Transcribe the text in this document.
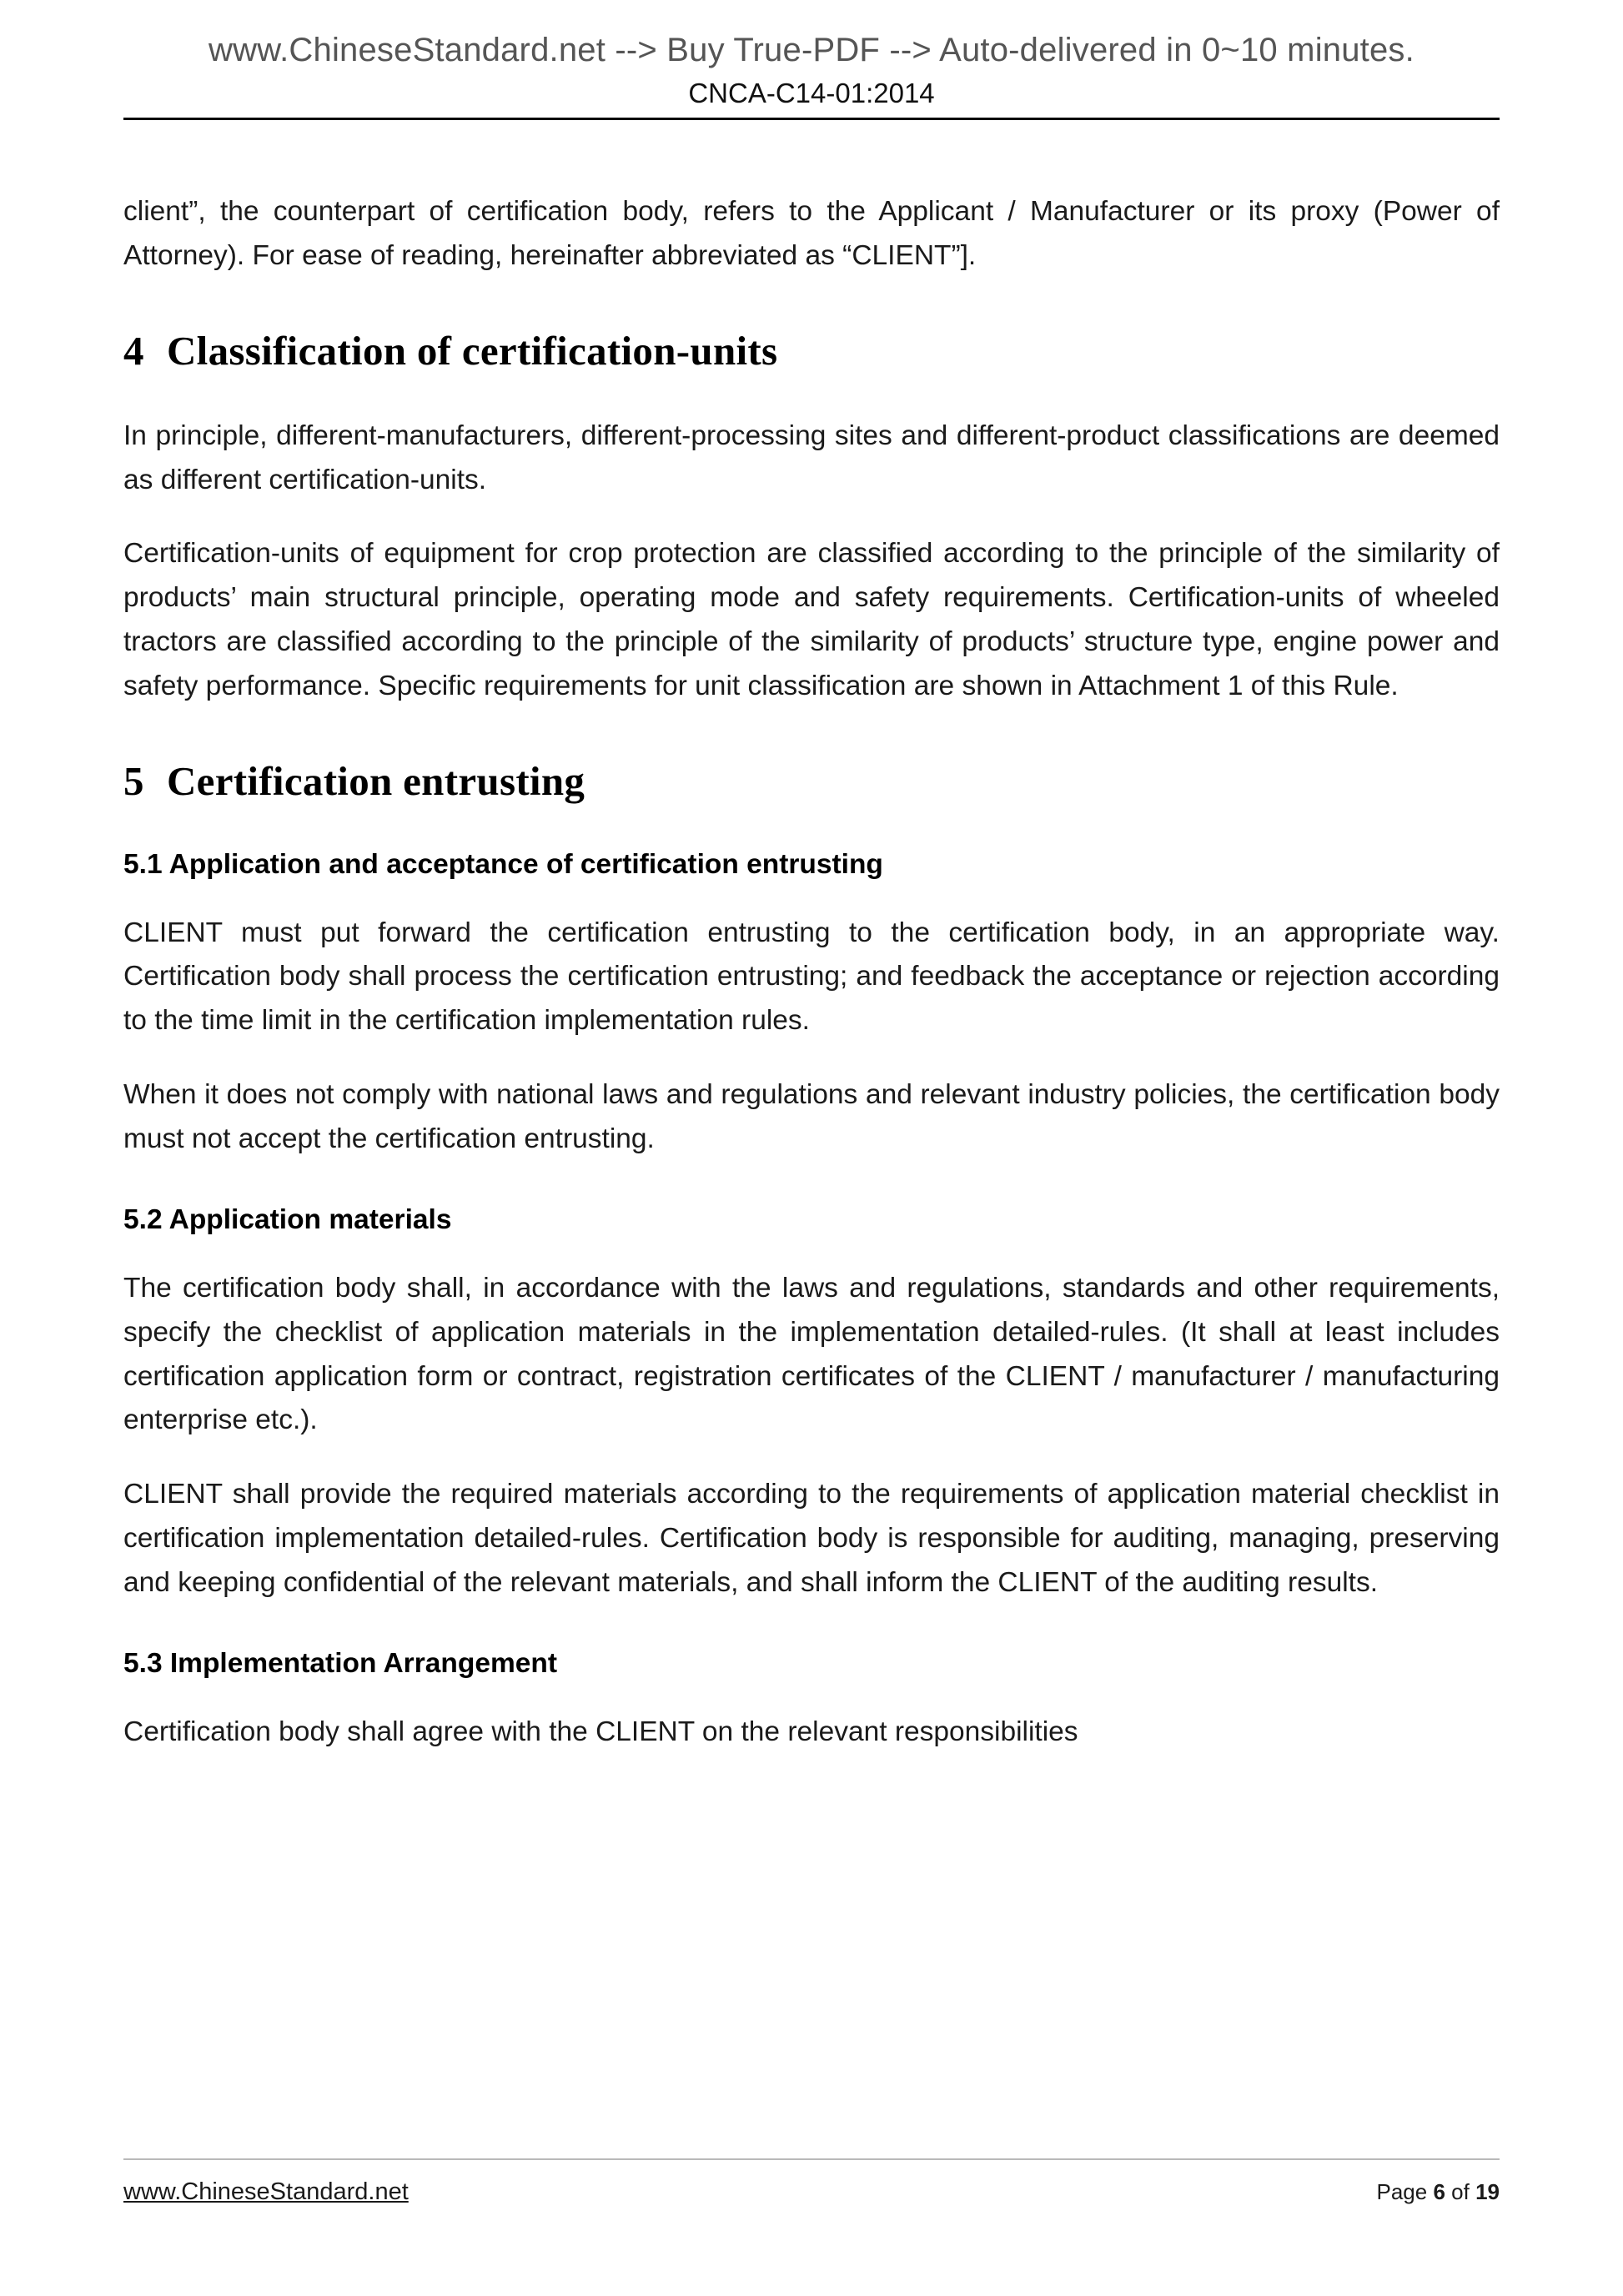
www.ChineseStandard.net --> Buy True-PDF --> Auto-delivered in 0~10 minutes.
CNCA-C14-01:2014

client”, the counterpart of certification body, refers to the Applicant / Manufacturer or its proxy (Power of Attorney). For ease of reading, hereinafter abbreviated as “CLIENT”].

4 Classification of certification-units

In principle, different-manufacturers, different-processing sites and different-product classifications are deemed as different certification-units.

Certification-units of equipment for crop protection are classified according to the principle of the similarity of products’ main structural principle, operating mode and safety requirements. Certification-units of wheeled tractors are classified according to the principle of the similarity of products’ structure type, engine power and safety performance. Specific requirements for unit classification are shown in Attachment 1 of this Rule.

5 Certification entrusting
5.1 Application and acceptance of certification entrusting

CLIENT must put forward the certification entrusting to the certification body, in an appropriate way. Certification body shall process the certification entrusting; and feedback the acceptance or rejection according to the time limit in the certification implementation rules.

When it does not comply with national laws and regulations and relevant industry policies, the certification body must not accept the certification entrusting.

5.2 Application materials

The certification body shall, in accordance with the laws and regulations, standards and other requirements, specify the checklist of application materials in the implementation detailed-rules. (It shall at least includes certification application form or contract, registration certificates of the CLIENT / manufacturer / manufacturing enterprise etc.).

CLIENT shall provide the required materials according to the requirements of application material checklist in certification implementation detailed-rules. Certification body is responsible for auditing, managing, preserving and keeping confidential of the relevant materials, and shall inform the CLIENT of the auditing results.

5.3 Implementation Arrangement

Certification body shall agree with the CLIENT on the relevant responsibilities

www.ChineseStandard.net	Page 6 of 19
